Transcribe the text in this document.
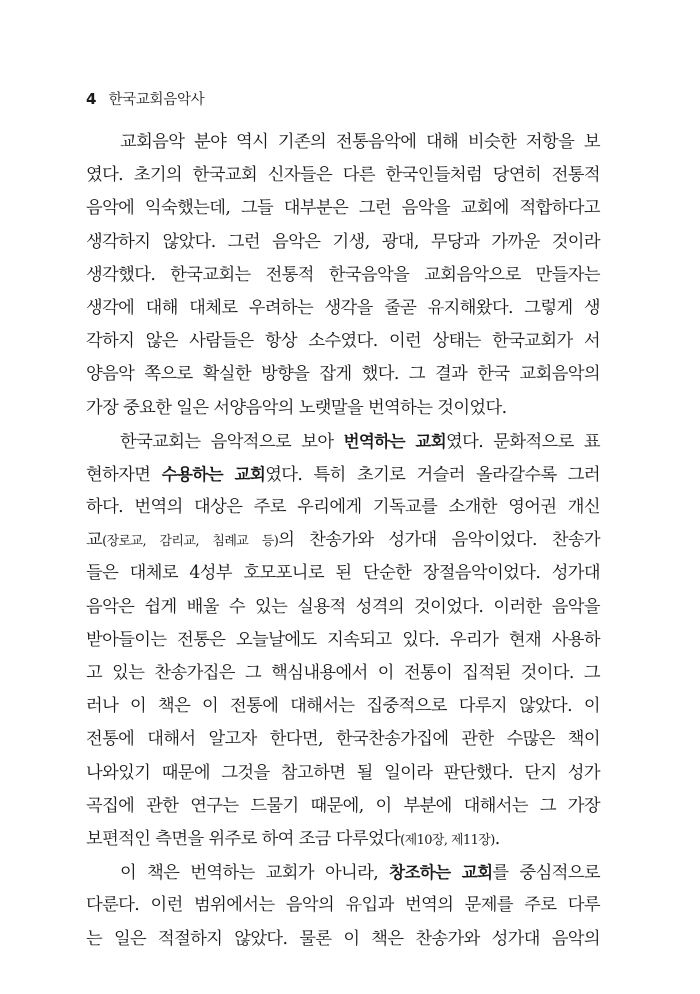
4 한국교회음악사
교회음악 분야 역시 기존의 전통음악에 대해 비슷한 저항을 보
였다. 초기의 한국교회 신자들은 다른 한국인들처럼 당연히 전통적
음악에 익숙했는데, 그들 대부분은 그런 음악을 교회에 적합하다고
생각하지 않았다. 그런 음악은 기생, 광대, 무당과 가까운 것이라
생각했다. 한국교회는 전통적 한국음악을 교회음악으로 만들자는
생각에 대해 대체로 우려하는 생각을 줄곧 유지해왔다. 그렇게 생
각하지 않은 사람들은 항상 소수였다. 이런 상태는 한국교회가 서
양음악 쪽으로 확실한 방향을 잡게 했다. 그 결과 한국 교회음악의
가장 중요한 일은 서양음악의 노랫말을 번역하는 것이었다.
한국교회는 음악적으로 보아 번역하는 교회였다. 문화적으로 표
현하자면 수용하는 교회였다. 특히 초기로 거슬러 올라갈수록 그러
하다. 번역의 대상은 주로 우리에게 기독교를 소개한 영어권 개신
교(장로교, 감리교, 침례교 등)의 찬송가와 성가대 음악이었다. 찬송가
들은 대체로 4성부 호모포니로 된 단순한 장절음악이었다. 성가대
음악은 쉽게 배울 수 있는 실용적 성격의 것이었다. 이러한 음악을
받아들이는 전통은 오늘날에도 지속되고 있다. 우리가 현재 사용하
고 있는 찬송가집은 그 핵심내용에서 이 전통이 집적된 것이다. 그
러나 이 책은 이 전통에 대해서는 집중적으로 다루지 않았다. 이
전통에 대해서 알고자 한다면, 한국찬송가집에 관한 수많은 책이
나와있기 때문에 그것을 참고하면 될 일이라 판단했다. 단지 성가
곡집에 관한 연구는 드물기 때문에, 이 부분에 대해서는 그 가장
보편적인 측면을 위주로 하여 조금 다루었다(제10장, 제11장).
이 책은 번역하는 교회가 아니라, 창조하는 교회를 중심적으로
다룬다. 이런 범위에서는 음악의 유입과 번역의 문제를 주로 다루
는 일은 적절하지 않았다. 물론 이 책은 찬송가와 성가대 음악의
